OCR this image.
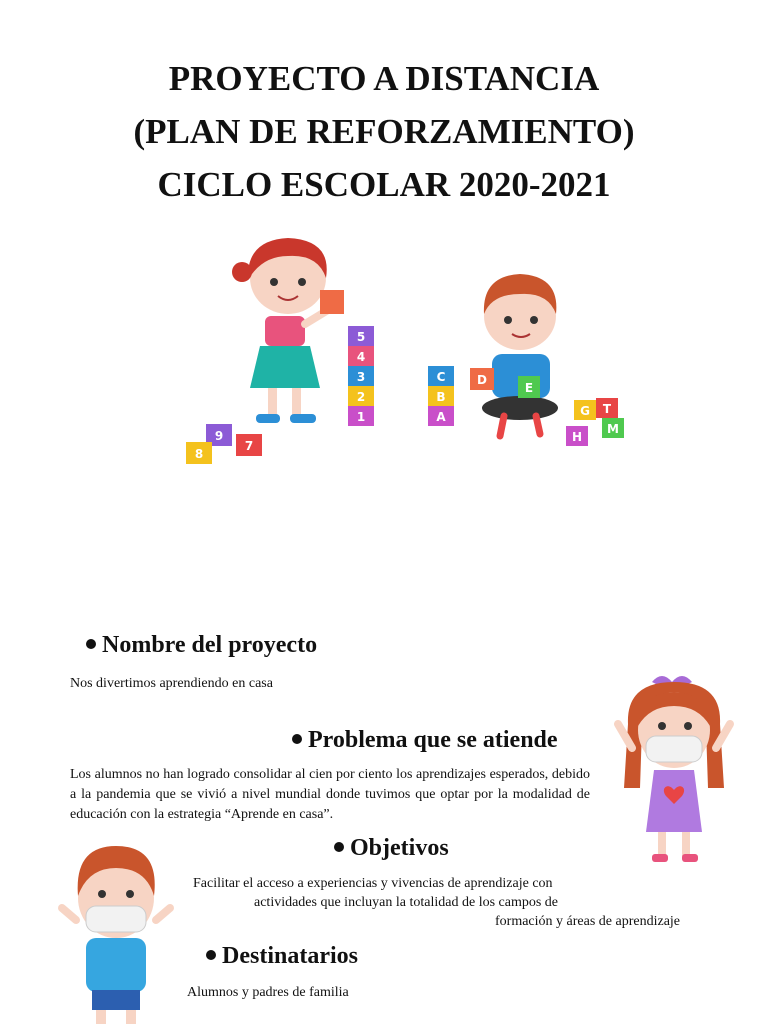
PROYECTO A DISTANCIA
(PLAN DE REFORZAMIENTO)
CICLO ESCOLAR 2020-2021
5
4
3
2
1
9
8
7
C
B
A
D
E
G T
H
M
Nombre del proyecto
Nos divertimos aprendiendo en casa
Problema que se atiende
Los alumnos no han logrado consolidar al cien por ciento los aprendizajes esperados, debido a la pandemia que se vivió a nivel mundial donde tuvimos que optar por la modalidad de educación con la estrategia “Aprende en casa”.
Objetivos
Facilitar el acceso a experiencias y vivencias de aprendizaje con
actividades que incluyan la totalidad de los campos de
formación y áreas de aprendizaje
Destinatarios
Alumnos y padres de familia
